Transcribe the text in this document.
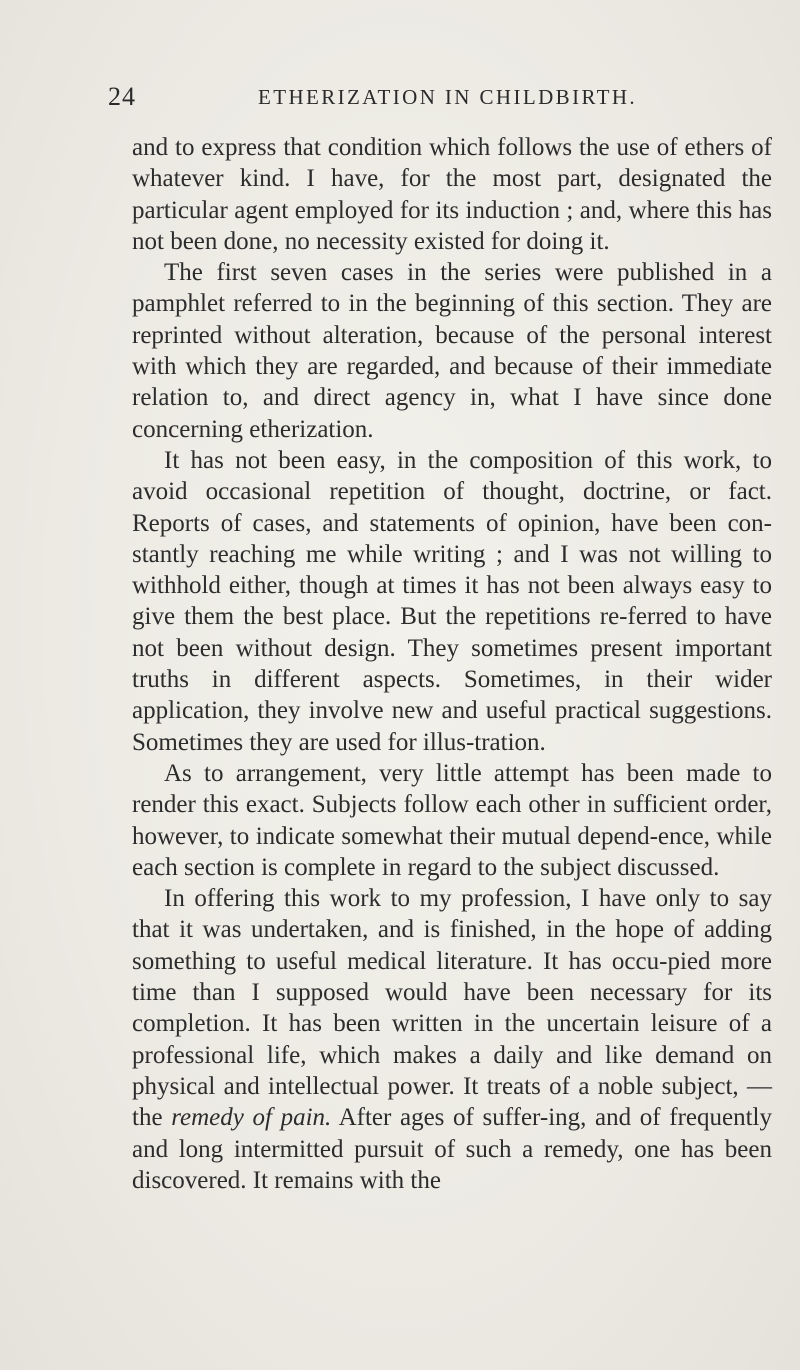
24	ETHERIZATION IN CHILDBIRTH.

and to express that condition which follows the use of ethers of whatever kind. I have, for the most part, designated the particular agent employed for its induction ; and, where this has not been done, no necessity existed for doing it.

The first seven cases in the series were published in a pamphlet referred to in the beginning of this section. They are reprinted without alteration, because of the personal interest with which they are regarded, and because of their immediate relation to, and direct agency in, what I have since done concerning etherization.

It has not been easy, in the composition of this work, to avoid occasional repetition of thought, doctrine, or fact. Reports of cases, and statements of opinion, have been con-stantly reaching me while writing ; and I was not willing to withhold either, though at times it has not been always easy to give them the best place. But the repetitions re-ferred to have not been without design. They sometimes present important truths in different aspects. Sometimes, in their wider application, they involve new and useful practical suggestions. Sometimes they are used for illus-tration.

As to arrangement, very little attempt has been made to render this exact. Subjects follow each other in sufficient order, however, to indicate somewhat their mutual depend-ence, while each section is complete in regard to the subject discussed.

In offering this work to my profession, I have only to say that it was undertaken, and is finished, in the hope of adding something to useful medical literature. It has occu-pied more time than I supposed would have been necessary for its completion. It has been written in the uncertain leisure of a professional life, which makes a daily and like demand on physical and intellectual power. It treats of a noble subject, — the remedy of pain. After ages of suffer-ing, and of frequently and long intermitted pursuit of such a remedy, one has been discovered. It remains with the
